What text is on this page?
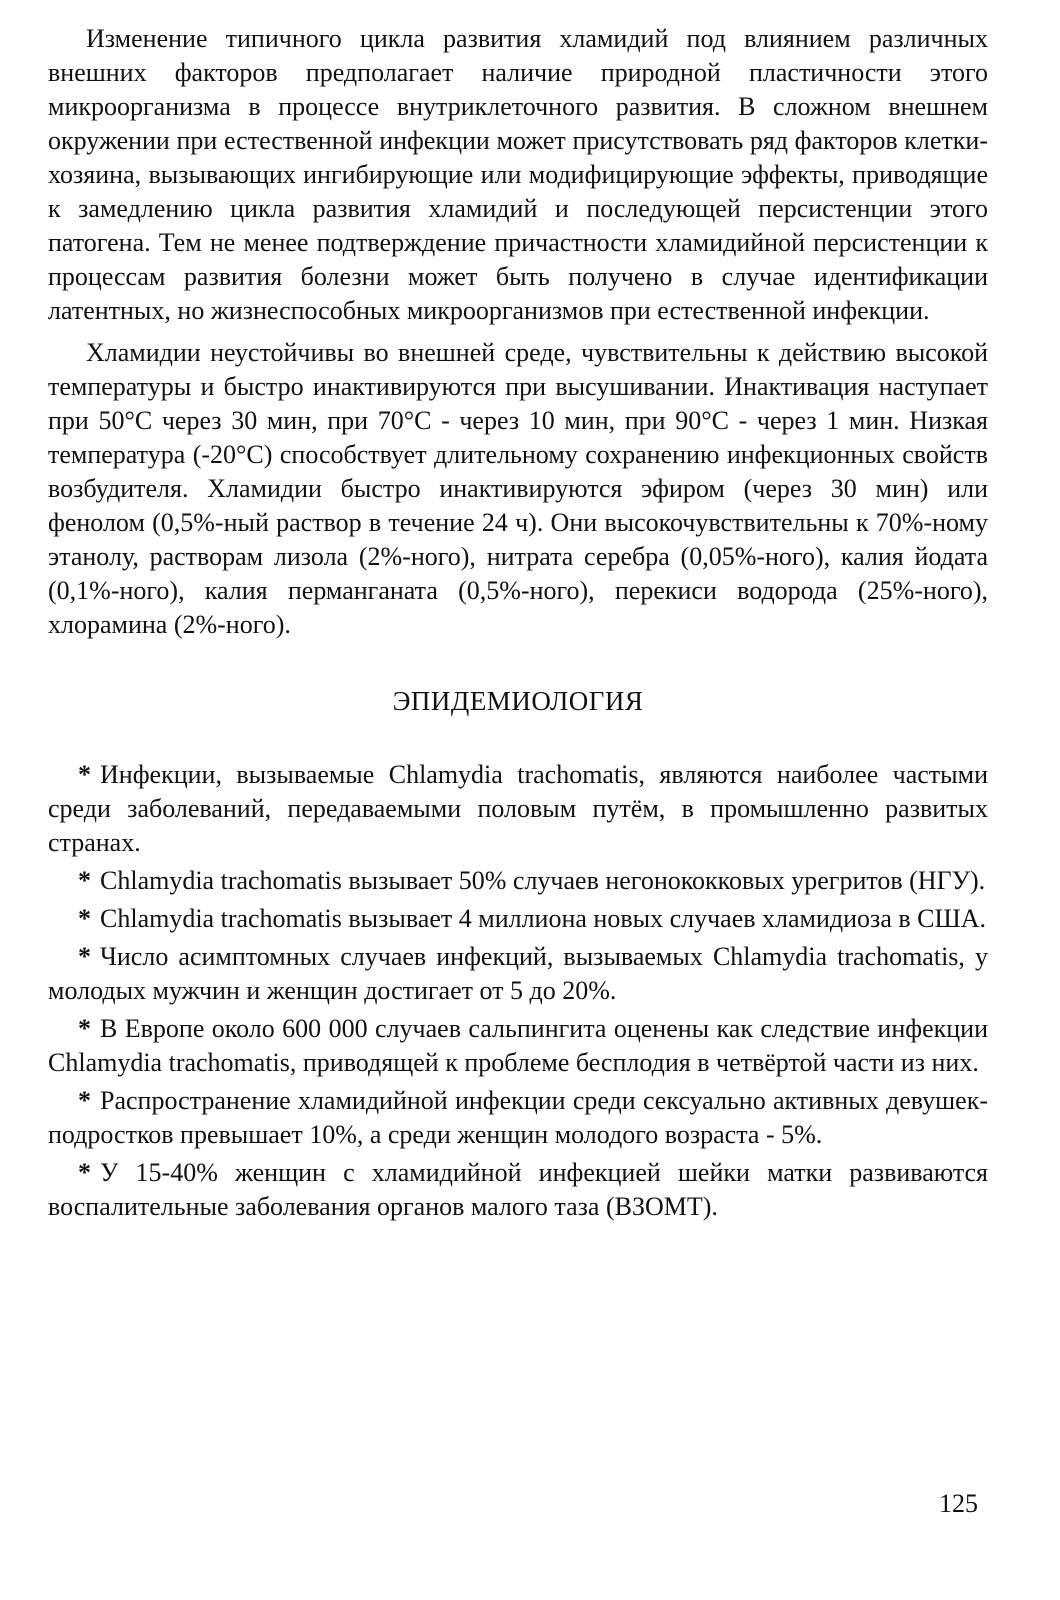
Изменение типичного цикла развития хламидий под влиянием различных внешних факторов предполагает наличие природной пластичности этого микроорганизма в процессе внутриклеточного развития. В сложном внешнем окружении при естественной инфекции может присутствовать ряд факторов клетки-хозяина, вызывающих ингибирующие или модифицирующие эффекты, приводящие к замедлению цикла развития хламидий и последующей персистенции этого патогена. Тем не менее подтверждение причастности хламидийной персистенции к процессам развития болезни может быть получено в случае идентификации латентных, но жизнеспособных микроорганизмов при естественной инфекции.

Хламидии неустойчивы во внешней среде, чувствительны к действию высокой температуры и быстро инактивируются при высушивании. Инактивация наступает при 50°С через 30 мин, при 70°С - через 10 мин, при 90°С - через 1 мин. Низкая температура (-20°С) способствует длительному сохранению инфекционных свойств возбудителя. Хламидии быстро инактивируются эфиром (через 30 мин) или фенолом (0,5%-ный раствор в течение 24 ч). Они высокочувствительны к 70%-ному этанолу, растворам лизола (2%-ного), нитрата серебра (0,05%-ного), калия йодата (0,1%-ного), калия перманганата (0,5%-ного), перекиси водорода (25%-ного), хлорамина (2%-ного).

ЭПИДЕМИОЛОГИЯ
* Инфекции, вызываемые Chlamydia trachomatis, являются наиболее частыми среди заболеваний, передаваемыми половым путём, в промышленно развитых странах.
* Chlamydia trachomatis вызывает 50% случаев негонококковых урегритов (НГУ).
* Chlamydia trachomatis вызывает 4 миллиона новых случаев хламидиоза в США.
* Число асимптомных случаев инфекций, вызываемых Chlamydia trachomatis, у молодых мужчин и женщин достигает от 5 до 20%.
* В Европе около 600 000 случаев сальпингита оценены как следствие инфекции Chlamydia trachomatis, приводящей к проблеме бесплодия в четвёртой части из них.
* Распространение хламидийной инфекции среди сексуально активных девушек-подростков превышает 10%, а среди женщин молодого возраста - 5%.
* У 15-40% женщин с хламидийной инфекцией шейки матки развиваются воспалительные заболевания органов малого таза (ВЗОМТ).
125
